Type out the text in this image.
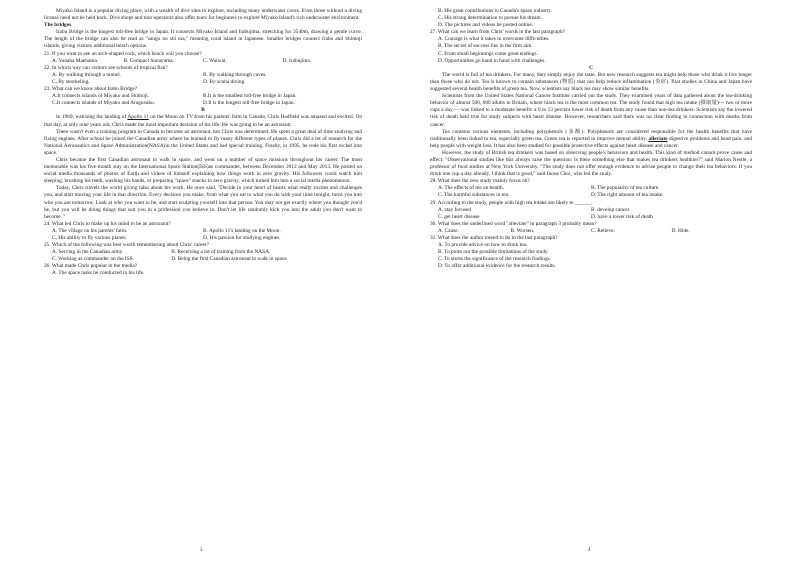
Miyako Island is a popular diving place, with a wealth of dive sites to explore, including many underwater caves. Even those without a diving license need not be held back. Dive shops and tour operators also offer tours for beginners to explore Miyako Island's rich underwater environment.

The bridges

Irabu Bridge is the longest toll-free bridge in Japan. It connects Miyako Island and Irabujima, stretching for 3540m, drawing a gentle curve. The length of the bridge can also be read as "sango no shi ma," meaning coral island in Japanese. Smaller bridges connect Irabu and Shimoji islands, giving visitors additional beach options.

21. If you want to see an arch-shaped rock, which beach will you choose?

A. Yonaha Maehama.	B. Compact Sunayama.	C. Waiwai.	D. Irabujima.

22. In which way can visitors see schools of tropical fish?

A. By walking through a tunnel.	B. By walking through caves.
C. By snorkeling.	D. By scuba diving.

23. What can we know about Irabu Bridge?

A.It connects islands of Miyako and Shimoji.	B.It is the smallest toll-free bridge in Japan.
C.It connects islands of Miyako and Aragusuku.	D.It is the longest toll-free bridge in Japan.

B

In 1969, watching the landing of Apollo 11 on the Moon on TV from his parents' farm in Canada, Chris Hadfield was amazed and excited. On that day, at only nine years old, Chris made the most important decision of his life: He was going to be an astronaut.

There wasn't even a training program in Canada to become an astronaut, but Chris was determined. He spent a great deal of time studying and fixing engines. After school he joined the Canadian army where he learned to fly many different types of planes. Chris did a lot of research for the National Aeronautics and Space Administration(NASA)in the United States and had special training. Finally, in 1995, he rode his first rocket into space.

Chris became the first Canadian astronaut to walk in space, and went on a number of space missions throughout his career. The most memorable was his five-month stay on the International Space Station(ISS)as commander, between December 2012 and May 2013. He posted on social media thousands of photos of Earth and videos of himself explaining how things work in zero gravity. His followers could watch him sleeping, brushing his teeth, washing his hands, or preparing "space" snacks in zero gravity, which turned him into a social media phenomenon.

Today, Chris travels the world giving talks about his work. He once said, "Decide in your heart of hearts what really excites and challenges you, and start moving your life in that direction. Every decision you make, from what you eat to what you do with your time tonight, turns you into who you are tomorrow. Look at who you want to be, and start sculpting yourself into that person. You may not get exactly where you thought you'd be, but you will be doing things that suit you in a profession you believe in. Don't let life randomly kick you into the adult you don't want to become. "

24. What led Chris to make up his mind to be an astronaut?

A. The village on his parents' farm.	B. Apollo 11's landing on the Moon.
C. His ability to fly various planes.	D. His passion for studying engines.

25. Which of the following was best worth remembering about Chris' career?

A. Serving in the Canadian army.	B. Receiving a lot of training from the NASA.
C. Working as commander on the ISS.	D. Being the first Canadian astronaut to walk in space.

26. What made Chris popular in the media?

A. The space tasks he conducted in his life.

3

B. His great contributions to Canada's space industry.

C. His strong determination to pursue his dream.

D. The pictures and videos he posted online.

27. What can we learn from Chris' words in the last paragraph?

A. Courage is what it takes to overcome difficulties.

B. The secret of success lies in the firm aim.

C. From small beginnings come great endings.

D. Opportunities go hand in hand with challenges.

C

The world is full of tea drinkers. For many, they simply enjoy the taste. But new research suggests tea might help those who drink it live longer than those who do not. Tea is known to contain substances (物质) that can help reduce inflammation (炎症). Past studies in China and Japan have suggested several health benefits of green tea. Now, scientists say black tea may show similar benefits.

Scientists from the United States National Cancer Institute carried out the study. They examined years of data gathered about the tea-drinking behavior of almost 500, 000 adults in Britain, where black tea is the most common tea. The study found that high tea intake (摄取量)— two or more cups a day — was linked to a moderate benefit: a 9 to 13 percent lower risk of death from any cause than non-tea drinkers. Scientists say the lowered risk of death held true for study subjects with heart disease. However, researchers said there was no clear finding in connection with deaths from cancer.

Tea contains various elements, including polyphenols (多酚). Polyphenols are considered responsible for the health benefits that have traditionally been linked to tea, especially green tea. Green tea is reported to improve mental ability, alleviate digestive problems and head pain, and help people with weight loss. It has also been studied for possible protective effects against heart disease and cancer.

However, the study of British tea drinkers was based on observing people's behaviors and health. This kind of method cannot prove cause and effect. "Observational studies like this always raise the question: Is there something else that makes tea drinkers healthier?" said Marion Nestle, a professor of food studies at New York University. "The study does not offer enough evidence to advise people to change their tea behaviors. If you drink one cup a day already, I think that is good," said Inoue Choi, who led the study.

28. What does the new study mainly focus on?

A. The effects of tea on health.	B. The popularity of tea culture.
C. The harmful substances in tea.	D. The right amount of tea intake.

29. According to the study, people with high tea intake are likely to ______.

A. stay focused	B. develop cancer
C. get heart disease	D. have a lower risk of death

30. What does the underlined word "alleviate" in paragraph 3 probably mean?

A. Cause.	B. Worsen.	C. Relieve.	D. Hide.

31. What does the author intend to do in the last paragraph?

A. To provide advice on how to drink tea.

B. To point out the possible limitations of the study.

C. To stress the significance of the research findings.

D. To offer additional evidence for the research results.

4
